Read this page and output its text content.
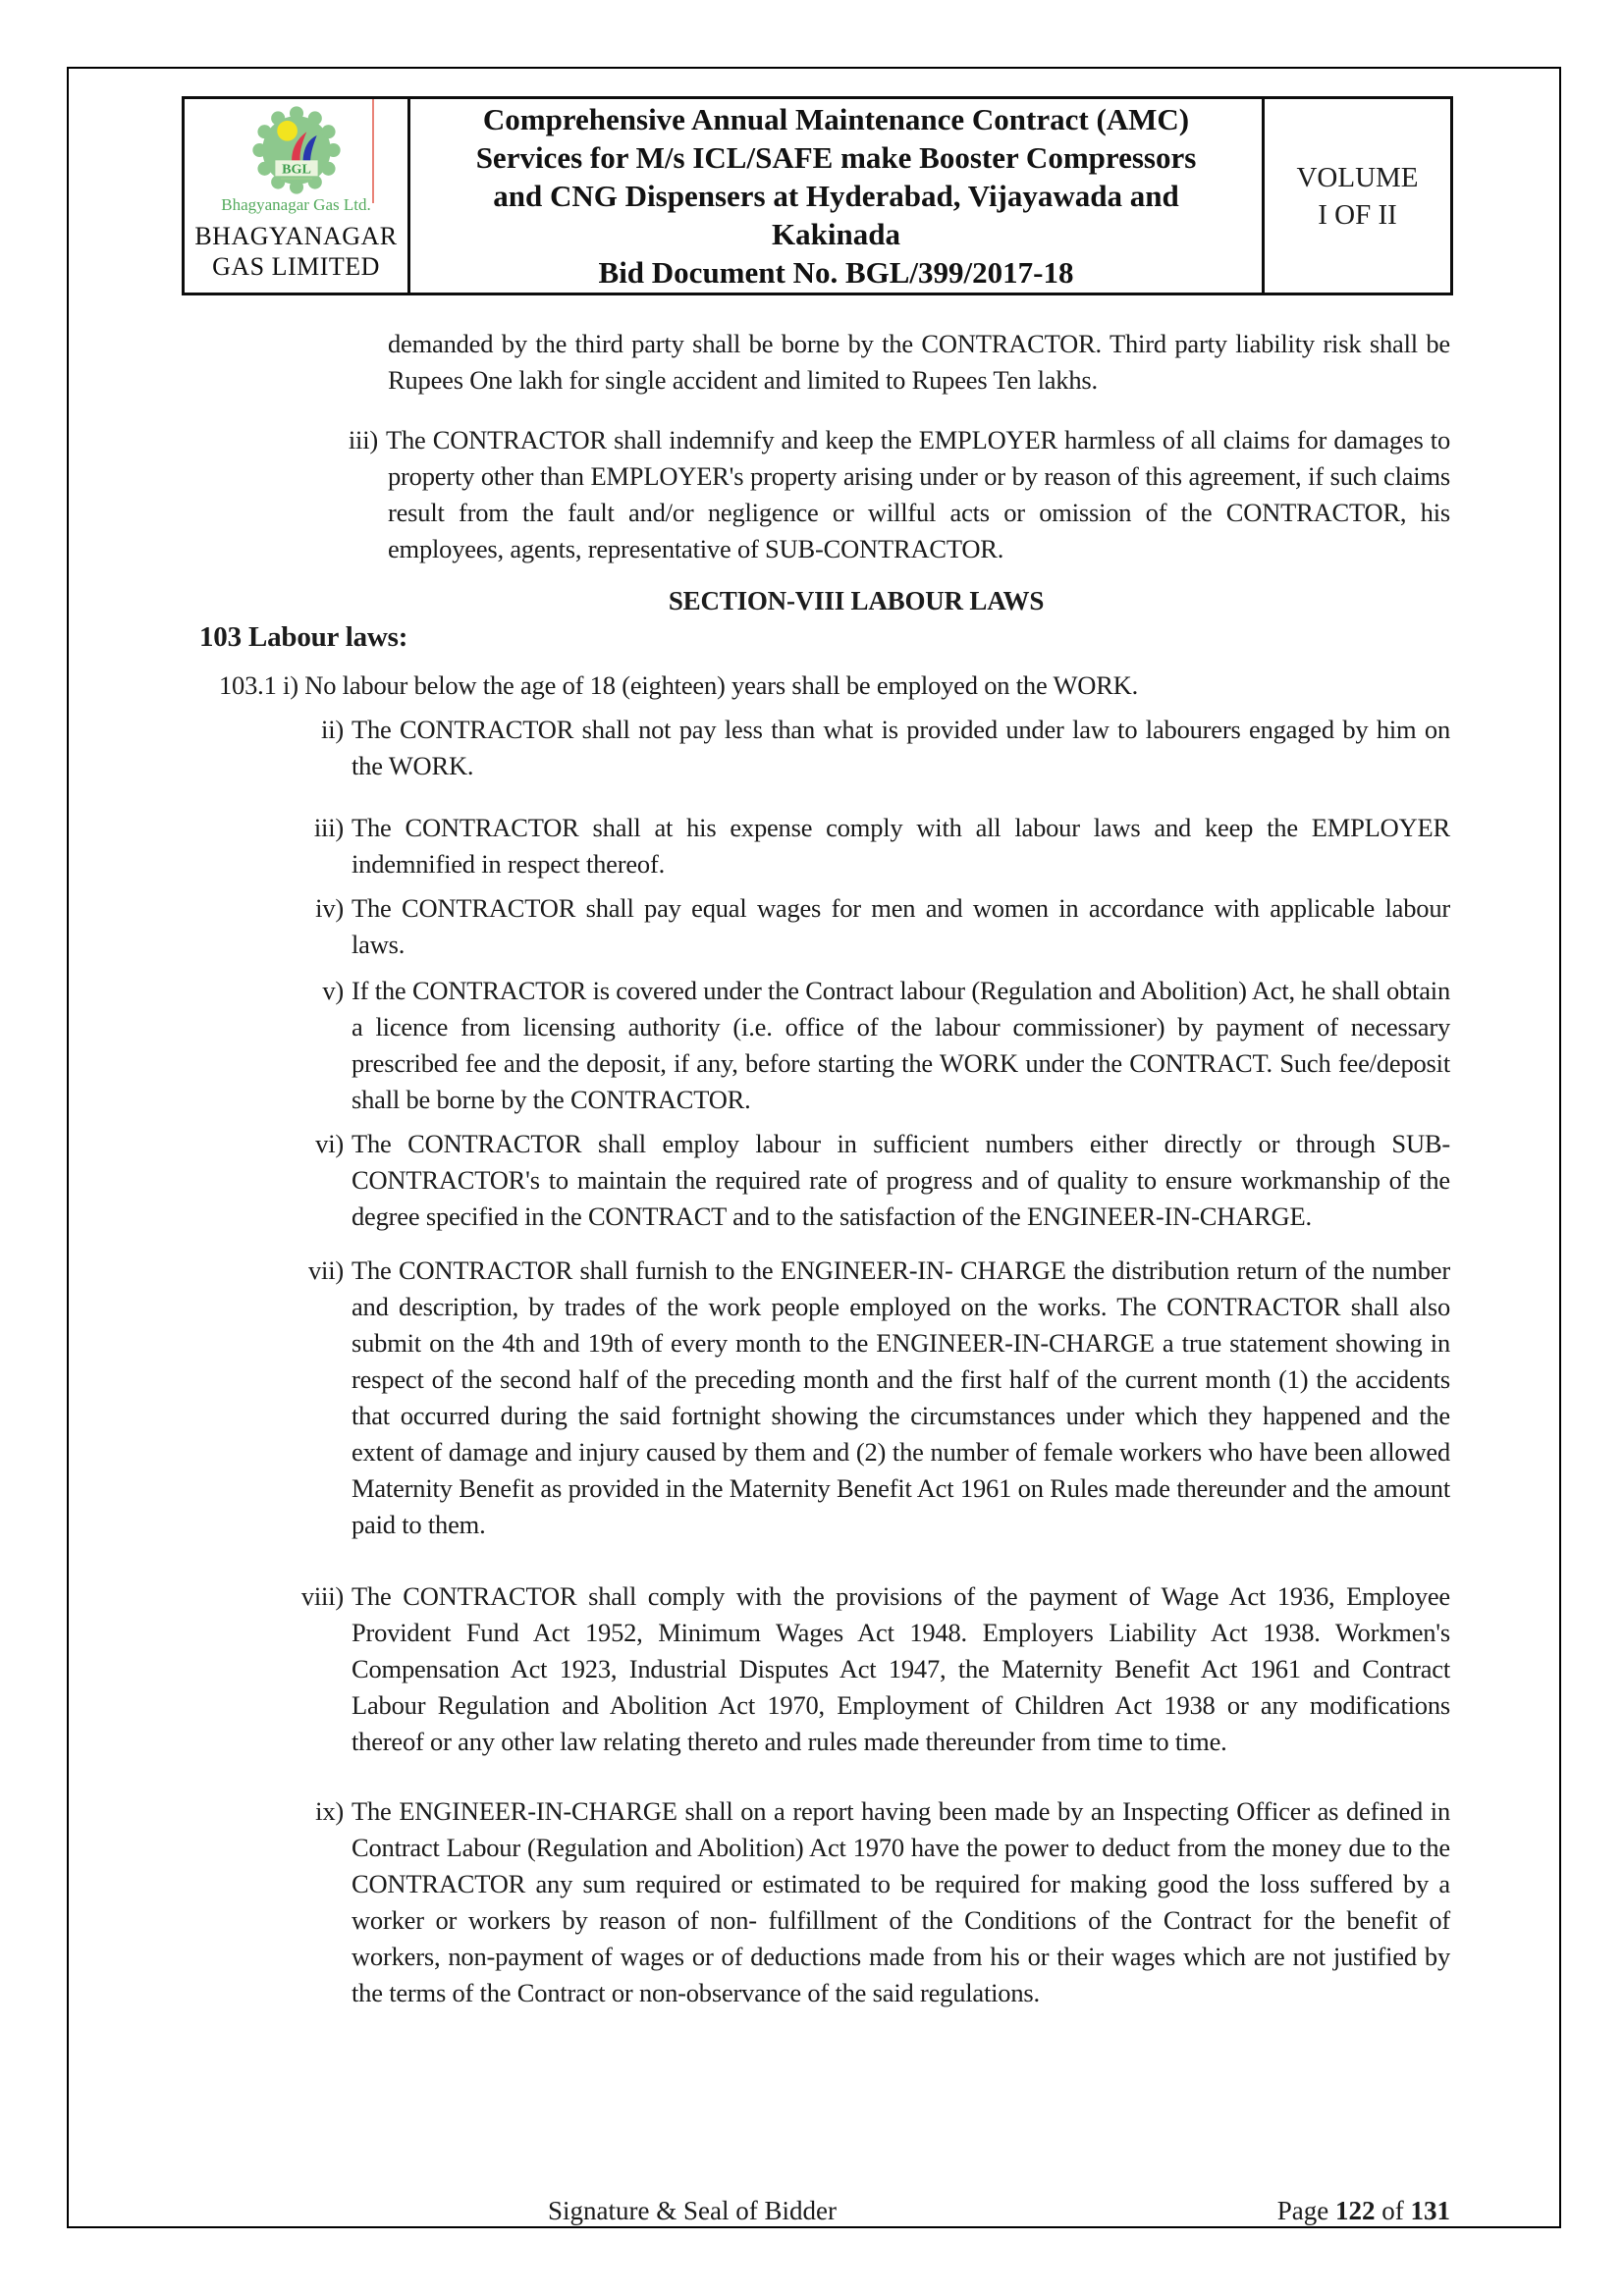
BGL
Bhagyanagar Gas Ltd.
BHAGYANAGAR
GAS LIMITED
Comprehensive Annual Maintenance Contract (AMC)
Services for M/s ICL/SAFE make Booster Compressors
and CNG Dispensers at Hyderabad, Vijayawada and
Kakinada
Bid Document No. BGL/399/2017-18
VOLUME
I OF II

demanded by the third party shall be borne by the CONTRACTOR. Third party liability risk shall be Rupees One lakh for single accident and limited to Rupees Ten lakhs.

iii) The CONTRACTOR shall indemnify and keep the EMPLOYER harmless of all claims for damages to property other than EMPLOYER's property arising under or by reason of this agreement, if such claims result from the fault and/or negligence or willful acts or omission of the CONTRACTOR, his employees, agents, representative of SUB-CONTRACTOR.
SECTION-VIII LABOUR LAWS
103 Labour laws:
103.1 i) No labour below the age of 18 (eighteen) years shall be employed on the WORK.
ii) The CONTRACTOR shall not pay less than what is provided under law to labourers engaged by him on the WORK.
iii) The CONTRACTOR shall at his expense comply with all labour laws and keep the EMPLOYER indemnified in respect thereof.
iv) The CONTRACTOR shall pay equal wages for men and women in accordance with applicable labour laws.
v) If the CONTRACTOR is covered under the Contract labour (Regulation and Abolition) Act, he shall obtain a licence from licensing authority (i.e. office of the labour commissioner) by payment of necessary prescribed fee and the deposit, if any, before starting the WORK under the CONTRACT. Such fee/deposit shall be borne by the CONTRACTOR.
vi) The CONTRACTOR shall employ labour in sufficient numbers either directly or through SUB- CONTRACTOR's to maintain the required rate of progress and of quality to ensure workmanship of the degree specified in the CONTRACT and to the satisfaction of the ENGINEER-IN-CHARGE.
vii) The CONTRACTOR shall furnish to the ENGINEER-IN- CHARGE the distribution return of the number and description, by trades of the work people employed on the works. The CONTRACTOR shall also submit on the 4th and 19th of every month to the ENGINEER-IN-CHARGE a true statement showing in respect of the second half of the preceding month and the first half of the current month (1) the accidents that occurred during the said fortnight showing the circumstances under which they happened and the extent of damage and injury caused by them and (2) the number of female workers who have been allowed Maternity Benefit as provided in the Maternity Benefit Act 1961 on Rules made thereunder and the amount paid to them.
viii) The CONTRACTOR shall comply with the provisions of the payment of Wage Act 1936, Employee Provident Fund Act 1952, Minimum Wages Act 1948. Employers Liability Act 1938. Workmen's Compensation Act 1923, Industrial Disputes Act 1947, the Maternity Benefit Act 1961 and Contract Labour Regulation and Abolition Act 1970, Employment of Children Act 1938 or any modifications thereof or any other law relating thereto and rules made thereunder from time to time.
ix) The ENGINEER-IN-CHARGE shall on a report having been made by an Inspecting Officer as defined in Contract Labour (Regulation and Abolition) Act 1970 have the power to deduct from the money due to the CONTRACTOR any sum required or estimated to be required for making good the loss suffered by a worker or workers by reason of non- fulfillment of the Conditions of the Contract for the benefit of workers, non-payment of wages or of deductions made from his or their wages which are not justified by the terms of the Contract or non-observance of the said regulations.
Signature & Seal of Bidder	Page 122 of 131
